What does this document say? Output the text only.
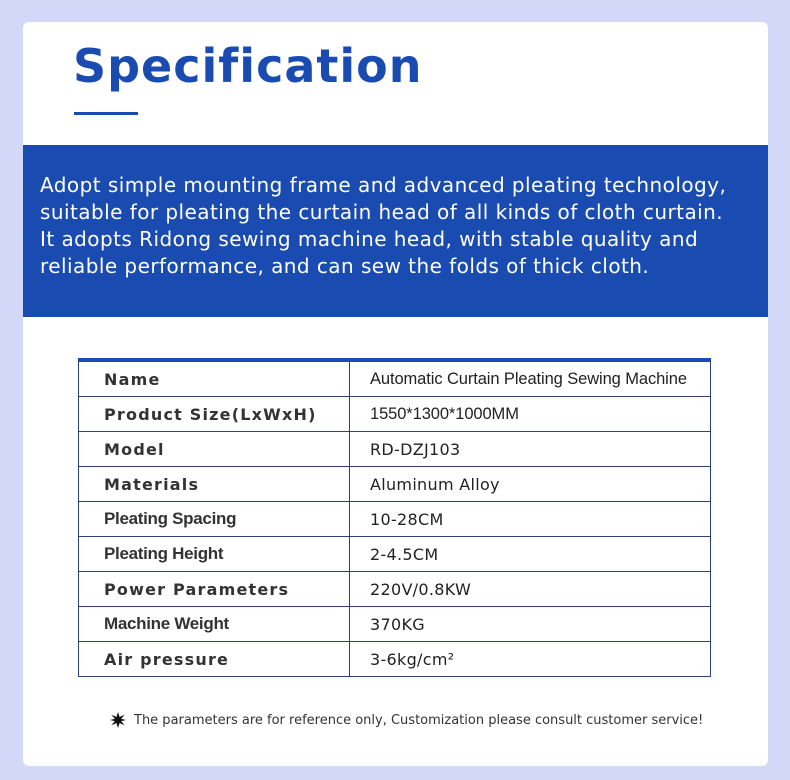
Specification

Adopt simple mounting frame and advanced pleating technology,
suitable for pleating the curtain head of all kinds of cloth curtain.
It adopts Ridong sewing machine head, with stable quality and
reliable performance, and can sew the folds of thick cloth.

Name	Automatic Curtain Pleating Sewing Machine
Product Size(LxWxH)	1550*1300*1000MM
Model	RD-DZJ103
Materials	Aluminum Alloy
Pleating Spacing	10-28CM
Pleating Height	2-4.5CM
Power Parameters	220V/0.8KW
Machine Weight	370KG
Air pressure	3-6kg/cm²
The parameters are for reference only, Customization please consult customer service!
